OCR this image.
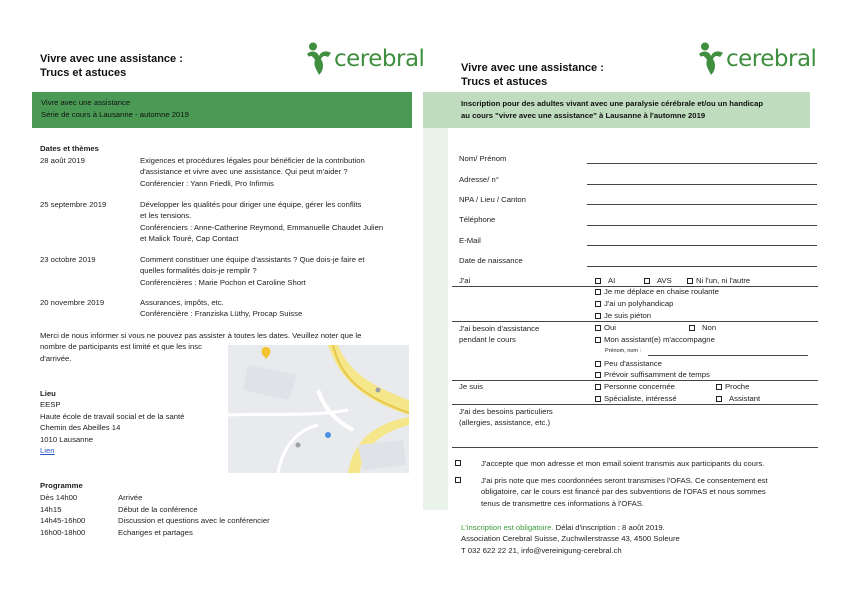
Vivre avec une assistance :
Trucs et astuces
cerebral
Vivre avec une assistance
Série de cours à Lausanne - automne 2019
Dates et thèmes
28 août 2019	Exigences et procédures légales pour bénéficier de la contribution
d'assistance et vivre avec une assistance. Qui peut m'aider ?
Conférencier : Yann Friedli, Pro Infirmis
25 septembre 2019	Développer les qualités pour diriger une équipe, gérer les conflits
et les tensions.
Conférenciers : Anne-Catherine Reymond, Emmanuelle Chaudet Julien
et Malick Touré, Cap Contact
23 octobre 2019	Comment constituer une équipe d'assistants ? Que dois-je faire et
quelles formalités dois-je remplir ?
Conférencières : Marie Pochon et Caroline Short
20 novembre 2019	Assurances, impôts, etc.
Conférencière : Franziska Lüthy, Procap Suisse
Merci de nous informer si vous ne pouvez pas assister à toutes les dates. Veuillez noter que le
nombre de participants est limité et que les insc
d'arrivée.
Lieu
EESP
Haute école de travail social et de la santé
Chemin des Abeilles 14
1010 Lausanne
Lien
Programme
Dès 14h00	Arrivée
14h15	Début de la conférence
14h45-16h00	Discussion et questions avec le conférencier
16h00-18h00	Echanges et partages
Vivre avec une assistance :
Trucs et astuces
cerebral
Inscription pour des adultes vivant avec une paralysie cérébrale et/ou un handicap
au cours "vivre avec une assistance" à Lausanne à l'automne 2019
Nom/ Prénom
Adresse/ n°
NPA / Lieu / Canton
Téléphone
E-Mail
Date de naissance
J'ai	AI	AVS	Ni l'un, ni l'autre
Je me déplace en chaise roulante
J'ai un polyhandicap
Je suis piéton
J'ai besoin d'assistance
pendant le cours
Oui	Non
Mon assistant(e) m'accompagne
Prénom, nom :
Peu d'assistance
Prévoir suffisamment de temps
Je suis	Personne concernée	Proche
Spécialiste, intéressé	Assistant
J'ai des besoins particuliers
(allergies, assistance, etc.)
J'accepte que mon adresse et mon email soient transmis aux participants du cours.
J'ai pris note que mes coordonnées seront transmises l'OFAS. Ce consentement est
obligatoire, car le cours est financé par des subventions de l'OFAS et nous sommes
tenus de transmettre ces informations à l'OFAS.
L'inscription est obligatoire. Délai d'inscription : 8 août 2019.
Association Cerebral Suisse, Zuchwilerstrasse 43, 4500 Soleure
T 032 622 22 21, info@vereinigung-cerebral.ch
